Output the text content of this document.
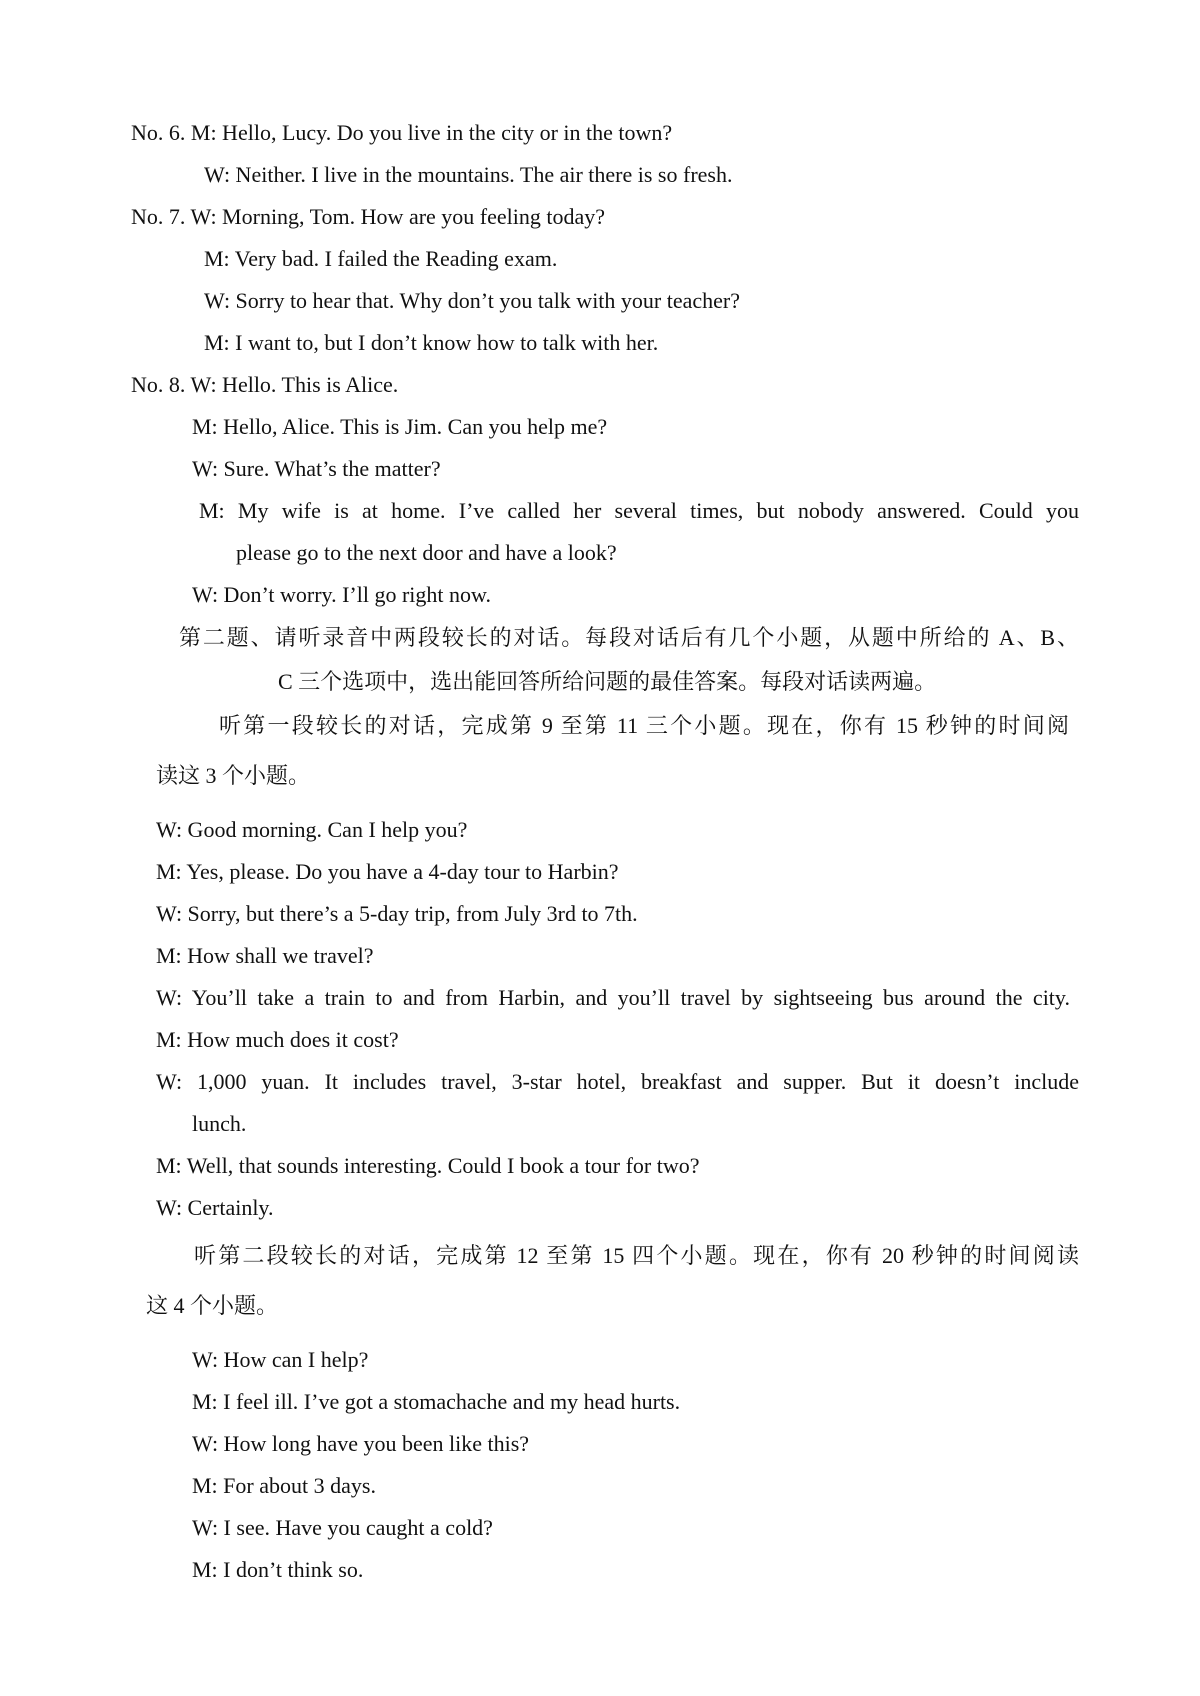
No. 6. M: Hello, Lucy. Do you live in the city or in the town?
W: Neither. I live in the mountains. The air there is so fresh.
No. 7. W: Morning, Tom. How are you feeling today?
M: Very bad. I failed the Reading exam.
W: Sorry to hear that. Why don’t you talk with your teacher?
M: I want to, but I don’t know how to talk with her.
No. 8. W: Hello. This is Alice.
M: Hello, Alice. This is Jim. Can you help me?
W: Sure. What’s the matter?
M: My wife is at home. I’ve called her several times, but nobody answered. Could you
please go to the next door and have a look?
W: Don’t worry. I’ll go right now.
第二题、请听录音中两段较长的对话。每段对话后有几个小题，从题中所给的 A、B、
C 三个选项中，选出能回答所给问题的最佳答案。每段对话读两遍。
听第一段较长的对话，完成第 9 至第 11 三个小题。现在，你有 15 秒钟的时间阅
读这 3 个小题。
W: Good morning. Can I help you?
M: Yes, please. Do you have a 4-day tour to Harbin?
W: Sorry, but there’s a 5-day trip, from July 3rd to 7th.
M: How shall we travel?
W: You’ll take a train to and from Harbin, and you’ll travel by sightseeing bus around the city.
M: How much does it cost?
W: 1,000 yuan. It includes travel, 3-star hotel, breakfast and supper. But it doesn’t include
lunch.
M: Well, that sounds interesting. Could I book a tour for two?
W: Certainly.
听第二段较长的对话，完成第 12 至第 15 四个小题。现在，你有 20 秒钟的时间阅读
这 4 个小题。
W: How can I help?
M: I feel ill. I’ve got a stomachache and my head hurts.
W: How long have you been like this?
M: For about 3 days.
W: I see. Have you caught a cold?
M: I don’t think so.
